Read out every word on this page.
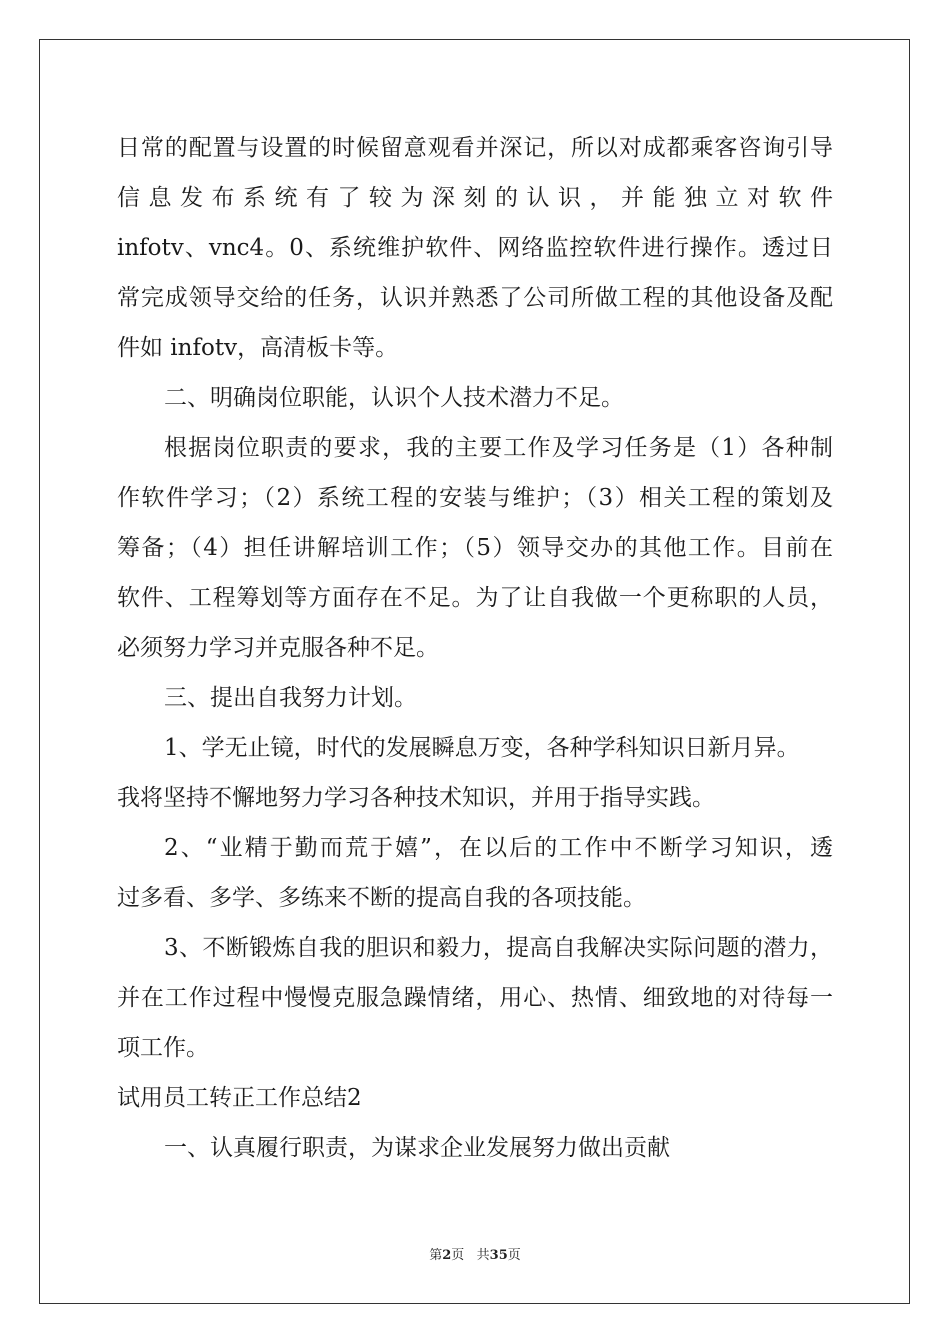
日常的配置与设置的时候留意观看并深记，所以对成都乘客咨询引导
信息发布系统有了较为深刻的认识，并能独立对软件
infotv、vnc4。0、系统维护软件、网络监控软件进行操作。透过日
常完成领导交给的任务，认识并熟悉了公司所做工程的其他设备及配
件如 infotv，高清板卡等。
二、明确岗位职能，认识个人技术潜力不足。
根据岗位职责的要求，我的主要工作及学习任务是（1）各种制
作软件学习；（2）系统工程的安装与维护；（3）相关工程的策划及
筹备；（4）担任讲解培训工作；（5）领导交办的其他工作。目前在
软件、工程筹划等方面存在不足。为了让自我做一个更称职的人员，
必须努力学习并克服各种不足。
三、提出自我努力计划。
1、学无止镜，时代的发展瞬息万变，各种学科知识日新月异。
我将坚持不懈地努力学习各种技术知识，并用于指导实践。
2、“业精于勤而荒于嬉”，在以后的工作中不断学习知识，透
过多看、多学、多练来不断的提高自我的各项技能。
3、不断锻炼自我的胆识和毅力，提高自我解决实际问题的潜力，
并在工作过程中慢慢克服急躁情绪，用心、热情、细致地的对待每一
项工作。
试用员工转正工作总结2
一、认真履行职责，为谋求企业发展努力做出贡献
第2页   共35页
